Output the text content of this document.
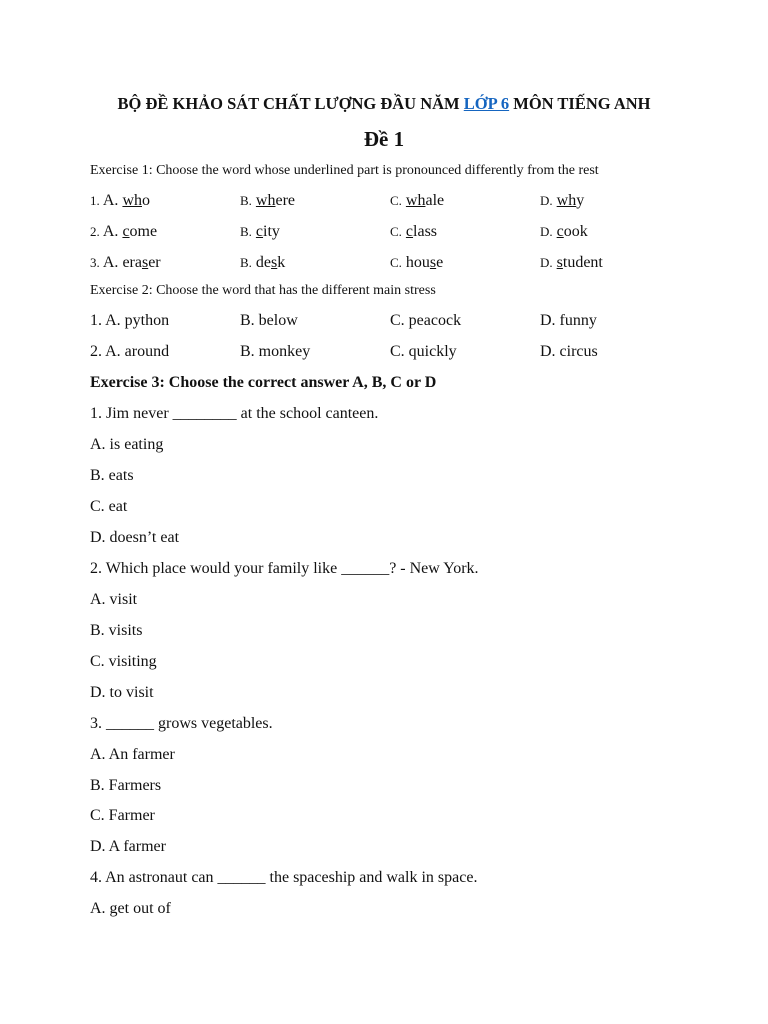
BỘ ĐỀ KHẢO SÁT CHẤT LƯỢNG ĐẦU NĂM LỚP 6 MÔN TIẾNG ANH
Đề 1
Exercise 1: Choose the word whose underlined part is pronounced differently from the rest
1. A. who	B. where	C. whale	D. why
2. A. come	B. city	C. class	D. cook
3. A. eraser	B. desk	C. house	D. student
Exercise 2: Choose the word that has the different main stress
1. A. python	B. below	C. peacock	D. funny
2. A. around	B. monkey	C. quickly	D. circus
Exercise 3: Choose the correct answer A, B, C or D
1. Jim never ________ at the school canteen.
A. is eating
B. eats
C. eat
D. doesn’t eat
2. Which place would your family like ______? - New York.
A. visit
B. visits
C. visiting
D. to visit
3. ______ grows vegetables.
A. An farmer
B. Farmers
C. Farmer
D. A farmer
4. An astronaut can ______ the spaceship and walk in space.
A. get out of
